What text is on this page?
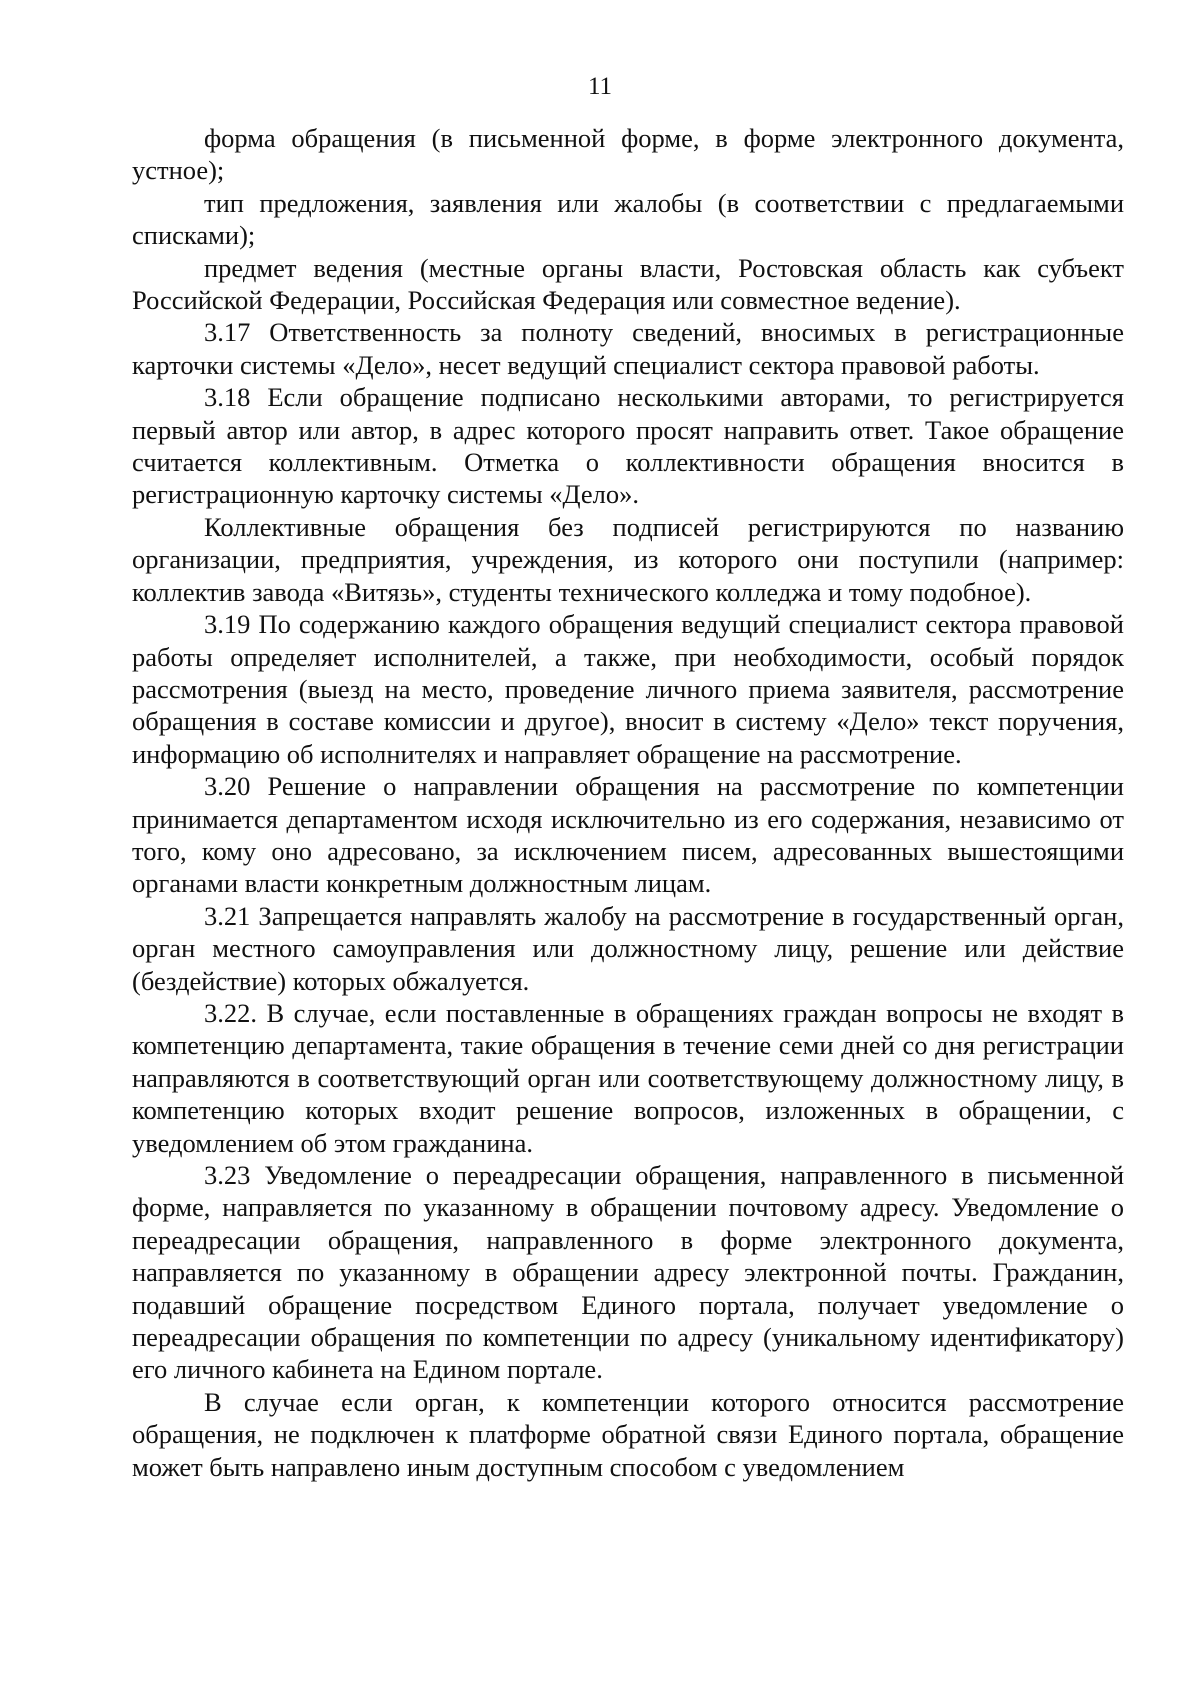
11

форма обращения (в письменной форме, в форме электронного документа, устное);

тип предложения, заявления или жалобы (в соответствии с предлагаемыми списками);

предмет ведения (местные органы власти, Ростовская область как субъект Российской Федерации, Российская Федерация или совместное ведение).

3.17 Ответственность за полноту сведений, вносимых в регистрационные карточки системы «Дело», несет ведущий специалист сектора правовой работы.

3.18 Если обращение подписано несколькими авторами, то регистрируется первый автор или автор, в адрес которого просят направить ответ. Такое обращение считается коллективным. Отметка о коллективности обращения вносится в регистрационную карточку системы «Дело».

Коллективные обращения без подписей регистрируются по названию организации, предприятия, учреждения, из которого они поступили (например: коллектив завода «Витязь», студенты технического колледжа и тому подобное).

3.19 По содержанию каждого обращения ведущий специалист сектора правовой работы определяет исполнителей, а также, при необходимости, особый порядок рассмотрения (выезд на место, проведение личного приема заявителя, рассмотрение обращения в составе комиссии и другое), вносит в систему «Дело» текст поручения, информацию об исполнителях и направляет обращение на рассмотрение.

3.20 Решение о направлении обращения на рассмотрение по компетенции принимается департаментом исходя исключительно из его содержания, независимо от того, кому оно адресовано, за исключением писем, адресованных вышестоящими органами власти конкретным должностным лицам.

3.21 Запрещается направлять жалобу на рассмотрение в государственный орган, орган местного самоуправления или должностному лицу, решение или действие (бездействие) которых обжалуется.

3.22. В случае, если поставленные в обращениях граждан вопросы не входят в компетенцию департамента, такие обращения в течение семи дней со дня регистрации направляются в соответствующий орган или соответствующему должностному лицу, в компетенцию которых входит решение вопросов, изложенных в обращении, с уведомлением об этом гражданина.

3.23 Уведомление о переадресации обращения, направленного в письменной форме, направляется по указанному в обращении почтовому адресу. Уведомление о переадресации обращения, направленного в форме электронного документа, направляется по указанному в обращении адресу электронной почты. Гражданин, подавший обращение посредством Единого портала, получает уведомление о переадресации обращения по компетенции по адресу (уникальному идентификатору) его личного кабинета на Едином портале.

В случае если орган, к компетенции которого относится рассмотрение обращения, не подключен к платформе обратной связи Единого портала, обращение может быть направлено иным доступным способом с уведомлением
